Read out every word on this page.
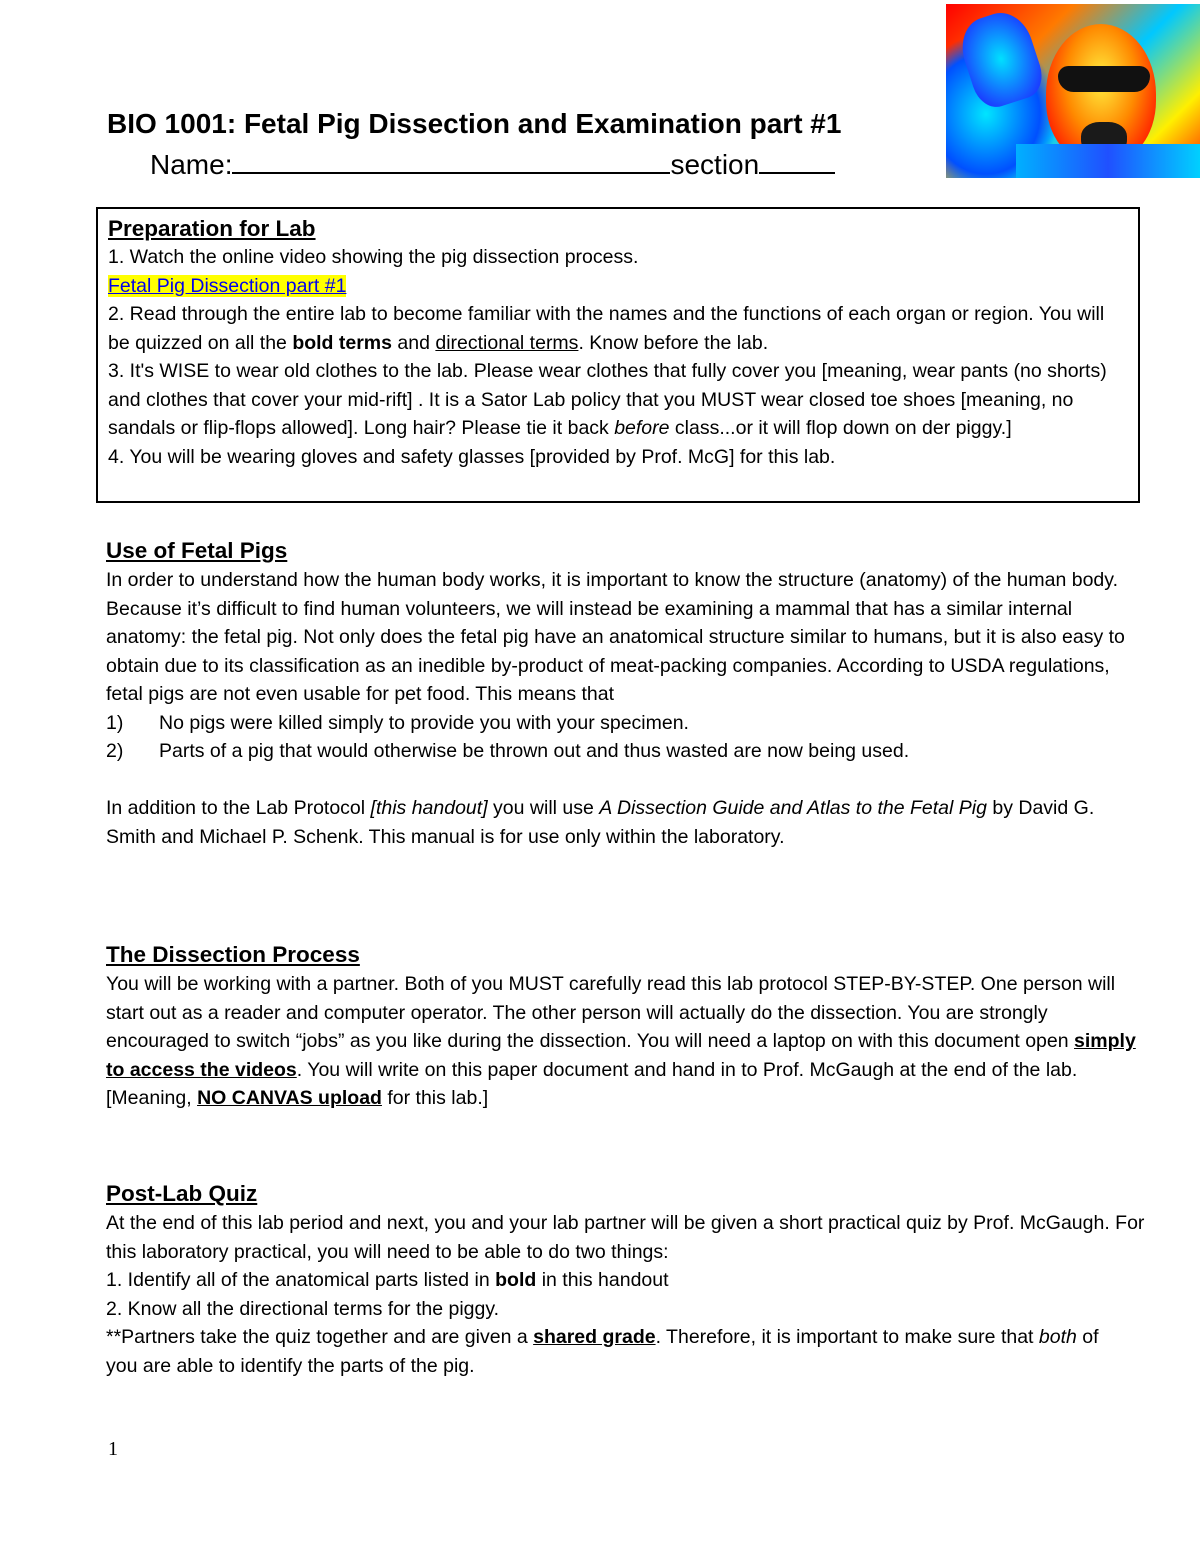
BIO 1001: Fetal Pig Dissection and Examination part #1
Name:	section
Preparation for Lab
1. Watch the online video showing the pig dissection process.
Fetal Pig Dissection part #1
2. Read through the entire lab to become familiar with the names and the functions of each organ or region. You will be quizzed on all the bold terms and directional terms. Know before the lab.
3. It's WISE to wear old clothes to the lab. Please wear clothes that fully cover you [meaning, wear pants (no shorts) and clothes that cover your mid-rift] . It is a Sator Lab policy that you MUST wear closed toe shoes [meaning, no sandals or flip-flops allowed]. Long hair? Please tie it back before class...or it will flop down on der piggy.]
4. You will be wearing gloves and safety glasses [provided by Prof. McG] for this lab.
Use of Fetal Pigs

In order to understand how the human body works, it is important to know the structure (anatomy) of the human body. Because it’s difficult to find human volunteers, we will instead be examining a mammal that has a similar internal anatomy: the fetal pig. Not only does the fetal pig have an anatomical structure similar to humans, but it is also easy to obtain due to its classification as an inedible by-product of meat-packing companies. According to USDA regulations, fetal pigs are not even usable for pet food. This means that

1)	No pigs were killed simply to provide you with your specimen.
2)	Parts of a pig that would otherwise be thrown out and thus wasted are now being used.

In addition to the Lab Protocol [this handout] you will use A Dissection Guide and Atlas to the Fetal Pig by David G. Smith and Michael P. Schenk. This manual is for use only within the laboratory.

The Dissection Process

You will be working with a partner. Both of you MUST carefully read this lab protocol STEP-BY-STEP. One person will start out as a reader and computer operator. The other person will actually do the dissection. You are strongly encouraged to switch “jobs” as you like during the dissection. You will need a laptop on with this document open simply to access the videos. You will write on this paper document and hand in to Prof. McGaugh at the end of the lab. [Meaning, NO CANVAS upload for this lab.]

Post-Lab Quiz

At the end of this lab period and next, you and your lab partner will be given a short practical quiz by Prof. McGaugh. For this laboratory practical, you will need to be able to do two things:

1. Identify all of the anatomical parts listed in bold in this handout

2. Know all the directional terms for the piggy.

**Partners take the quiz together and are given a shared grade. Therefore, it is important to make sure that both of you are able to identify the parts of the pig.

1
